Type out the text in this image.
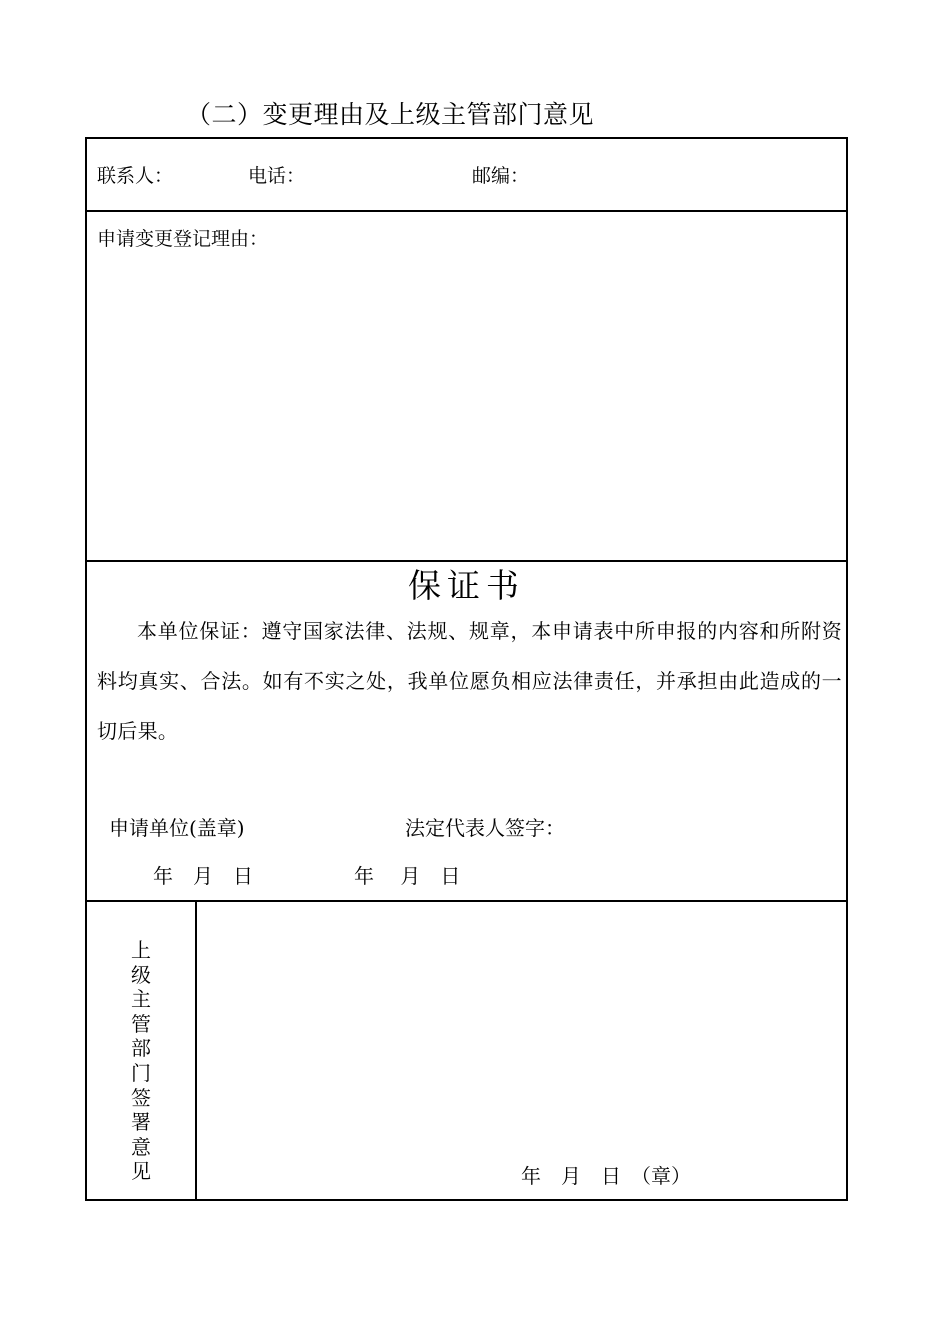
（二）变更理由及上级主管部门意见
联系人：	电话：	邮编：
申请变更登记理由：
保证书
本单位保证：遵守国家法律、法规、规章，本申请表中所申报的内容和所附资料均真实、合法。如有不实之处，我单位愿负相应法律责任，并承担由此造成的一切后果。
申请单位(盖章)	法定代表人签字：
年　月　日	年　 月　日
上级主管部门签署意见	年　月　日　（章）
